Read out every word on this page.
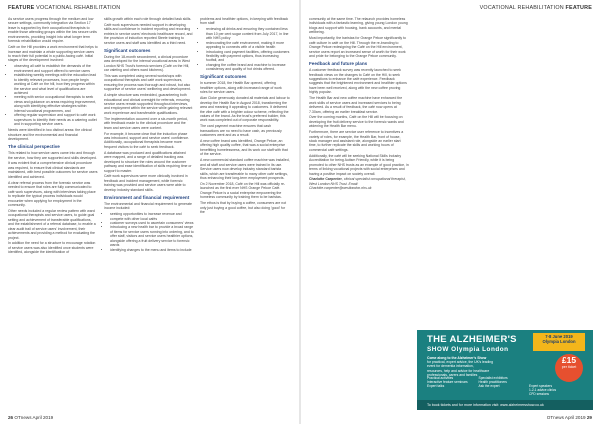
FEATURE VOCATIONAL REHABILITATION

As service users progress through the medium and low secure settings, community integration via Section 17 leave is supported by their occupational therapists to enable those attending groups within the low secure units environments, providing insight into what longer term forensic rehabilitation would require.

Café on the Hill provides a work environment that helps to increase and maintain a whole supporting service users to reach their full potential in a public-facing café. Initial stages of the development involved:

• observing all café to establish the demands of the environment and support offered to service users
• establishing weekly meetings with the education lead to identify relevant processes, how people begin working at Café on the hill, how they progress within the service and what level of qualifications are achieved
• meeting with senior occupational therapists to seek views and guidance on areas requiring improvement, along with identifying effective strategies within internal vocational programmes, and
• offering regular supervision and support to café work supervisors to identify their needs as a catering outlet and in supporting service users.

Needs were identified in two distinct areas: the clinical structure and the environmental and financial development.

The clinical perspective

This related to how service users came into and through the service, how they are supported and skills developed.

It was evident that a comprehensive clinical procedure was required, to ensure that clinical standards are maintained, with best possible outcomes for service users identified and achieved.

A clear referral process from the forensic service was needed to ensure that roles are fully communicated to café work supervisors, along with interviews taking place to replicate the typical process individuals would encounter when applying for employment in the community.

Other needs included a regular review pattern with ward occupational therapists and service users, to guide goal setting and achievement of transferable qualifications, and the establishment of a referral database, to enable a clear audit trail of service users' involvement, their achievements and providing a method for evaluating the project.

In addition the need for a structure to encourage rotation of service users was also identified once students were identified, alongside the identification of

skills growth within each role through detailed task skills.

Café work supervisors needed support in developing skills and confidence in incident reporting and recording entries in service users' electronic healthcare record, and the provision of induction reported Steele training to service users and staff was identified as a third need.

Significant outcomes

During the 18-month secondment, a clinical procedure was developed for the internal vocational areas in West London NHS Trust's forensic services (Café on the Hill, car valeting and others ward kitchens).

This was completed using several workshops with occupational therapists and café work supervisors, ensuring the process was thorough and robust, but also supportive of service users' wellbeing and development.

A simple structure was embedded, guaranteeing both educational and clinical oversight for referrals, ensuring service users remain supported throughout interviews, and employment within the service while gaining relevant work experience and transferable qualifications.

The implementation occurred over a six-month period, with feedback made to the clinical procedure and the team and service users were content.

For example, it became clear that the induction phase was introduced, support and service users' confidence. Additionally, occupational therapists became more frequent visitors to the café to seek feedback.

A database was produced and qualifications attained were mapped, and a range of detailed tracking was developed to structure the roles around the customer pathway and ease identification of skills requiring time or support to master.

Café work supervisors were more clinically involved in feedback and incident management, while forensic training was provided and service users were able to develop industry standard skills.

Environment and financial requirement

The environmental and financial requirement to generate income included:

• seeking opportunities to increase revenue and compete with other local cafés
• customer surveys used to ascertain consumers' views
• introducing a new health bar to provide a broad range of items for service users running into ordering, and to offer staff, visitors and service users healthier options, alongside offering a fruit delivery service to forensic wards
• identifying changes to the menu and items to include

problems and healthier options, in keeping with feedback from staff

• reviewing all drinks and ensuring they contained less than 10 per cent sugar content from July 2017, in line with NHS policy
• redecorating the café environment, making it more appealing to connects with of a visible health
• introducing card payment facilities, offering customers flexibility with payment options, thus increasing footfall, and
• changing the coffee brand and machine to increase consistency and quality of hot drinks offered.
Significant outcomes

In summer 2018, the Health Bar opened, offering healthier options, along with increased range of work roles for service users.

Alan Cloke generously donated all materials and labour to develop the Health Bar in August 2018, transforming the area and meaning it appealing to customers. It delivered the vibe café with a brighter colour scheme, reflecting the values of the brand. As the trust's preferred builder, this work was completed out of corporate responsibility.

The card payment machine ensures that cash transactions are no need to have cash, as previously customers went and as a result.

A new coffee brand was identified, Orange Pekoe, an offering high quality coffee, that was a social enterprise benefitting homelessness, and its work our staff with that of the service.

A new commercial standard coffee machine was installed, and all staff and service users were trained in its use. Service users now develop industry standard barista skills, which are transferable to many other café settings, thus enhancing their long-term employment prospects.

On 2 November 2018, Café on the Hill was officially re-launched as the first ever NHS Orange Pekoe Café. Orange Pekoe is a social enterprise empowering the homeless community by training them to be baristas.

The ethos is that by buying a coffee, consumers are not only just buying a good coffee, but also doing 'good' for the

26 OTnews April 2019
VOCATIONAL REHABILITATION FEATURE

community at the same time. The relaunch provides homeless individuals with a fantastic learning, giving young London young blogs and support with housing, bank accounts, and mental wellbeing.

Most importantly, the baristas for Orange Pekoe significantly to café culture in café on the Hill. Through the re-branding to Orange Pekoe redesigning the Café on the Hill environment, service users report an increased sense of worth for their work and pride for belonging to the Orange Pekoe community.

Feedback and future plans

A customer feedback survey was recently launched to seek feedback views on the changes to Café on the Hill, to seek suggestions to enhance the café experience. Feedback suggests that the brightened environment and healthier options have been well received, along with the new coffee proving highly popular.

The Health Bar and new coffee machine have enhanced the work skills of service users and increased services to being delivered. As a result of feedback, the café now opens at 7.30am, offering an earlier breakfast service.

Over the coming months, Café on the Hill will be focusing on developing the fruit delivery service to the forensic wards and widening the Health Bar menu.

Furthermore, there are service user reference to incentives a variety of roles, for example, the Health Bar, front of house, stock manager and assistant role, alongside an earlier start time, to further replicate the skills and working hours of commercial café settings.

Additionally, the café will be seeking National Skills Industry Accreditation for being Autism Friendly, while it is being promoted to other NHS trusts as an example of good practice, in terms of linking vocational projects with social enterprises and having a positive impact on society overall.

Charlotte Carpenter, clinical specialist occupational therapist, West London NHS Trust. Email: Charlotte.carpenter@westlondon.nhs.uk

THE ALZHEIMER'S
SHOW Olympia London
7-8 June 2019
Olympia London
Come along to the Alzheimer's Show
for practical, expert advice, the UK's leading
event for dementia information,
resources, help and advice for healthcare
professionals, carers and families
Practical activities	Specialist exhibitors
Interactive feature seminars	Health practitioners
Expert talks	Ask the expert
£15
per ticket
Expert speakers
1-2-1 advice clinics
CPD sessions
To book tickets and for more information visit: www.alzheimersshow.co.uk
OTnews April 2019 29
